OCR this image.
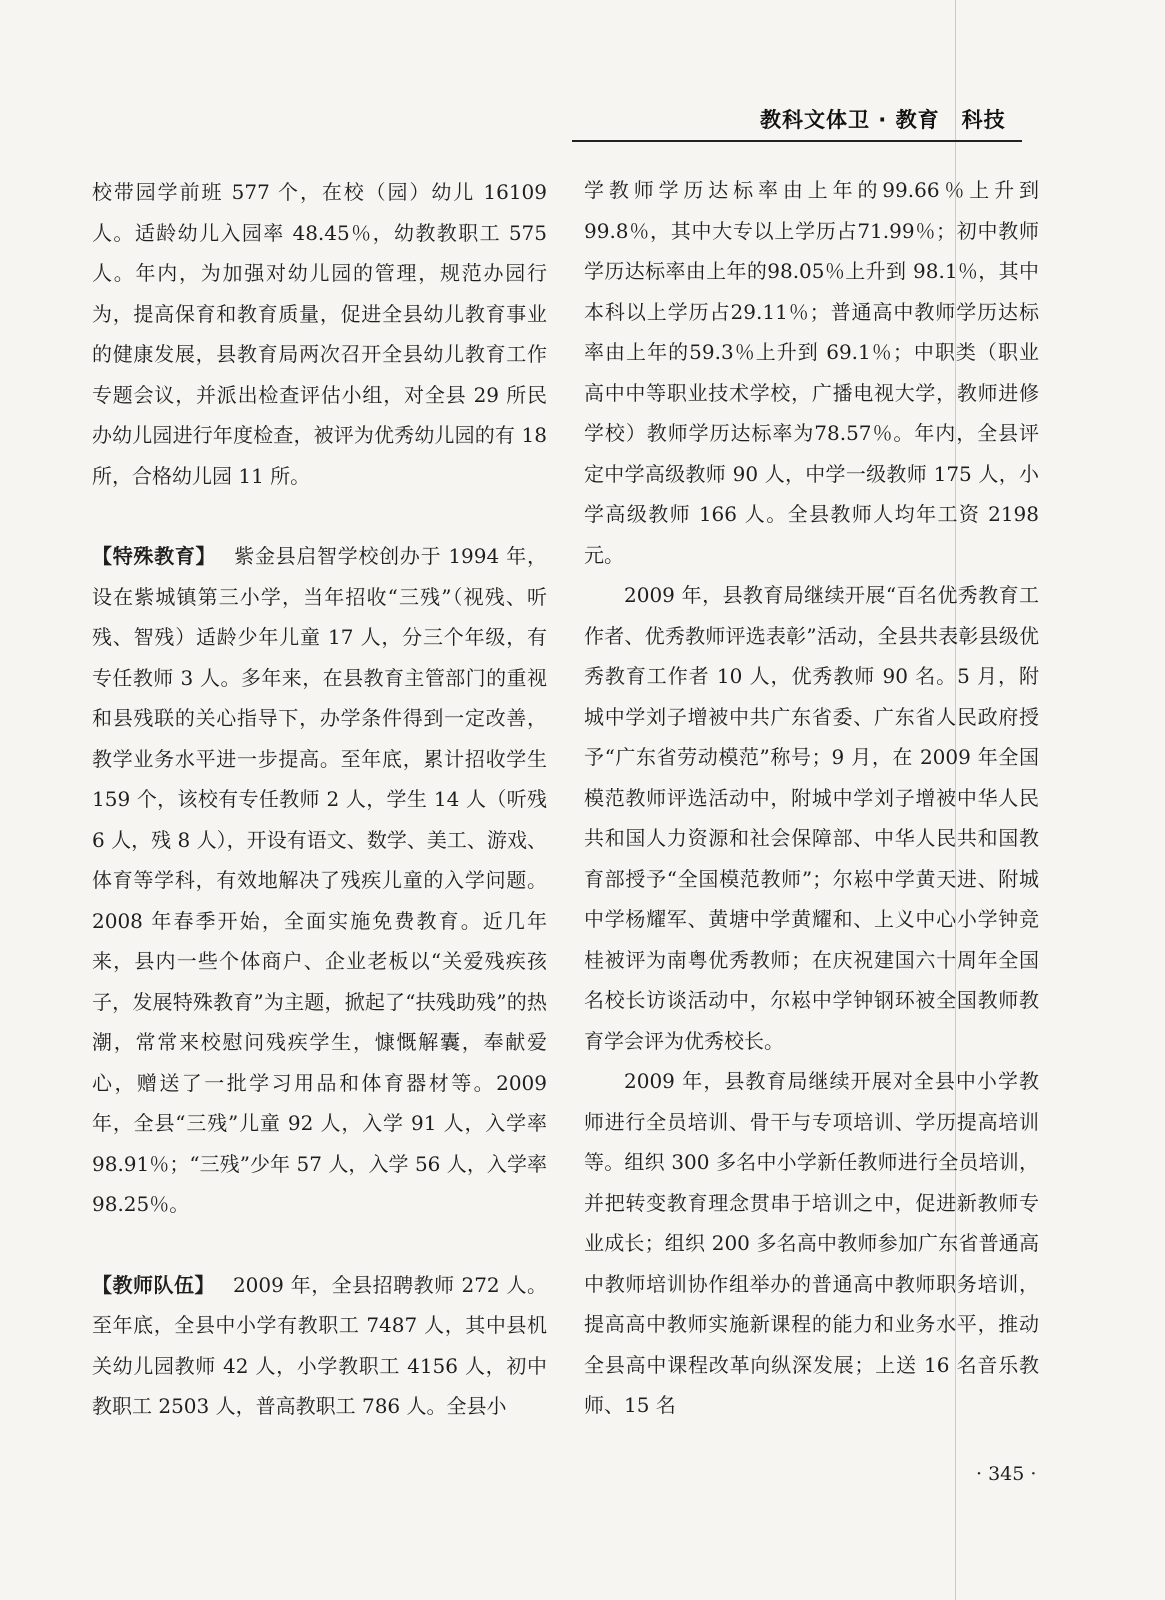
教科文体卫 · 教育　科技

校带园学前班 577 个，在校（园）幼儿 16109 人。适龄幼儿入园率 48.45％，幼教教职工 575 人。年内，为加强对幼儿园的管理，规范办园行为，提高保育和教育质量，促进全县幼儿教育事业的健康发展，县教育局两次召开全县幼儿教育工作专题会议，并派出检查评估小组，对全县 29 所民办幼儿园进行年度检查，被评为优秀幼儿园的有 18 所，合格幼儿园 11 所。

【特殊教育】 紫金县启智学校创办于 1994 年，设在紫城镇第三小学，当年招收“三残”（视残、听残、智残）适龄少年儿童 17 人，分三个年级，有专任教师 3 人。多年来，在县教育主管部门的重视和县残联的关心指导下，办学条件得到一定改善，教学业务水平进一步提高。至年底，累计招收学生 159 个，该校有专任教师 2 人，学生 14 人（听残 6 人，残 8 人），开设有语文、数学、美工、游戏、体育等学科，有效地解决了残疾儿童的入学问题。2008 年春季开始，全面实施免费教育。近几年来，县内一些个体商户、企业老板以“关爱残疾孩子，发展特殊教育”为主题，掀起了“扶残助残”的热潮，常常来校慰问残疾学生，慷慨解囊，奉献爱心，赠送了一批学习用品和体育器材等。2009 年，全县“三残”儿童 92 人，入学 91 人，入学率 98.91％；“三残”少年 57 人，入学 56 人，入学率98.25％。

【教师队伍】 2009 年，全县招聘教师 272 人。至年底，全县中小学有教职工 7487 人，其中县机关幼儿园教师 42 人，小学教职工 4156 人，初中教职工 2503 人，普高教职工 786 人。全县小

学教师学历达标率由上年的99.66％上升到 99.8％，其中大专以上学历占71.99％；初中教师学历达标率由上年的98.05％上升到 98.1％，其中本科以上学历占29.11％；普通高中教师学历达标率由上年的59.3％上升到 69.1％；中职类（职业高中中等职业技术学校，广播电视大学，教师进修学校）教师学历达标率为78.57％。年内，全县评定中学高级教师 90 人，中学一级教师 175 人，小学高级教师 166 人。全县教师人均年工资 2198 元。

2009 年，县教育局继续开展“百名优秀教育工作者、优秀教师评选表彰”活动，全县共表彰县级优秀教育工作者 10 人，优秀教师 90 名。5 月，附城中学刘子增被中共广东省委、广东省人民政府授予“广东省劳动模范”称号；9 月，在 2009 年全国模范教师评选活动中，附城中学刘子增被中华人民共和国人力资源和社会保障部、中华人民共和国教育部授予“全国模范教师”；尔崧中学黄天进、附城中学杨耀军、黄塘中学黄耀和、上义中心小学钟竞桂被评为南粤优秀教师；在庆祝建国六十周年全国名校长访谈活动中，尔崧中学钟钢环被全国教师教育学会评为优秀校长。

2009 年，县教育局继续开展对全县中小学教师进行全员培训、骨干与专项培训、学历提高培训等。组织 300 多名中小学新任教师进行全员培训，并把转变教育理念贯串于培训之中，促进新教师专业成长；组织 200 多名高中教师参加广东省普通高中教师培训协作组举办的普通高中教师职务培训，提高高中教师实施新课程的能力和业务水平，推动全县高中课程改革向纵深发展；上送 16 名音乐教师、15 名

· 345 ·
